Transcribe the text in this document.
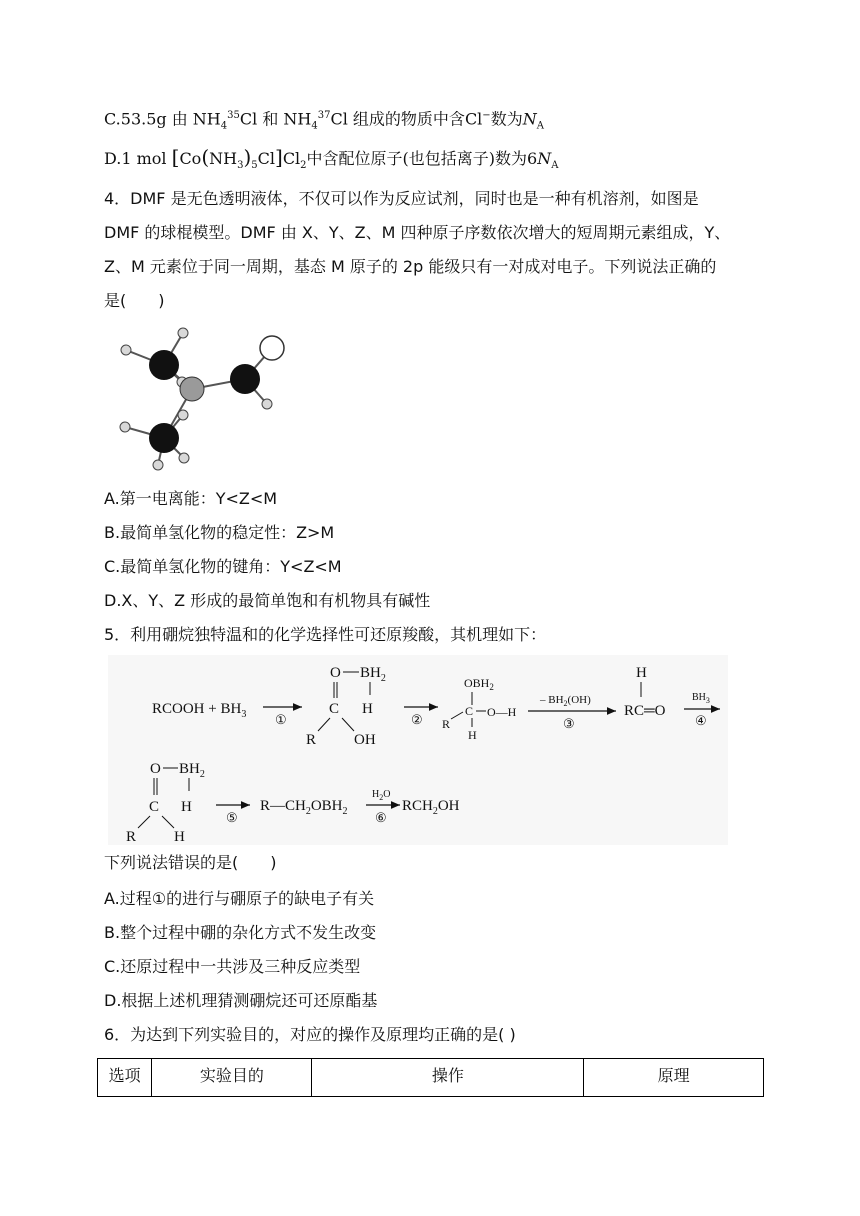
C.53.5g 由 $NH_4^{35}Cl$ 和 $NH_4^{37}Cl$ 组成的物质中含Cl−数为$N_A$
D.1 mol $[Co(NH_3)_5Cl]Cl_2$中含配位原子(也包括离子)数为$6N_A$
4．DMF 是无色透明液体，不仅可以作为反应试剂，同时也是一种有机溶剂，如图是
DMF 的球棍模型。DMF 由 X、Y、Z、M 四种原子序数依次增大的短周期元素组成，Y、
Z、M 元素位于同一周期，基态 M 原子的 2p 能级只有一对成对电子。下列说法正确的
是(　　)
A.第一电离能：Y<Z<M
B.最简单氢化物的稳定性：Z>M
C.最简单氢化物的键角：Y<Z<M
D.X、Y、Z 形成的最简单饱和有机物具有碱性
5．利用硼烷独特温和的化学选择性可还原羧酸，其机理如下：
RCOOH + $BH_3$ ①
O $BH_2$
C H
R	OH
②
$OBH_2$
R
C O—H
H
– $BH_2(OH)$
③
H
RC═O
$BH_3$
④
O $BH_2$
C H
R	H
⑤
$R—CH_2OBH_2$
$H_2O$
⑥
$RCH_2OH$
下列说法错误的是(　　)
A.过程①的进行与硼原子的缺电子有关
B.整个过程中硼的杂化方式不发生改变
C.还原过程中一共涉及三种反应类型
D.根据上述机理猜测硼烷还可还原酯基
6．为达到下列实验目的，对应的操作及原理均正确的是( )
选项	实验目的	操作	原理
